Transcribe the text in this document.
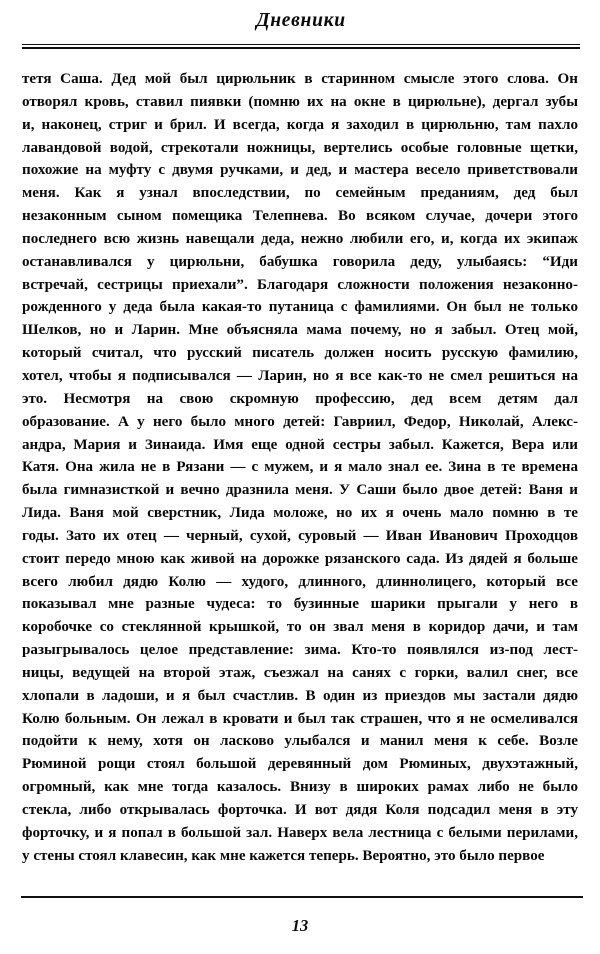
Дневники
тетя Саша. Дед мой был цирюльник в старинном смысле этого слова. Он
отворял кровь, ставил пиявки (помню их на окне в цирюльне), дергал зубы
и, наконец, стриг и брил. И всегда, когда я заходил в цирюльню, там пахло
лавандовой водой, стрекотали ножницы, вертелись особые головные щетки,
похожие на муфту с двумя ручками, и дед, и мастера весело приветствовали
меня. Как я узнал впоследствии, по семейным преданиям, дед был
незаконным сыном помещика Телепнева. Во всяком случае, дочери этого
последнего всю жизнь навещали деда, нежно любили его, и, когда их экипаж
останавливался у цирюльни, бабушка говорила деду, улыбаясь: “Иди
встречай, сестрицы приехали”. Благодаря сложности положения незаконно-
рожденного у деда была какая-то путаница с фамилиями. Он был не только
Шелков, но и Ларин. Мне объясняла мама почему, но я забыл. Отец мой,
который считал, что русский писатель должен носить русскую фамилию,
хотел, чтобы я подписывался — Ларин, но я все как-то не смел решиться на
это. Несмотря на свою скромную профессию, дед всем детям дал
образование. А у него было много детей: Гавриил, Федор, Николай, Алекс-
андра, Мария и Зинаида. Имя еще одной сестры забыл. Кажется, Вера или
Катя. Она жила не в Рязани — с мужем, и я мало знал ее. Зина в те времена
была гимназисткой и вечно дразнила меня. У Саши было двое детей: Ваня и
Лида. Ваня мой сверстник, Лида моложе, но их я очень мало помню в те
годы. Зато их отец — черный, сухой, суровый — Иван Иванович Проходцов
стоит передо мною как живой на дорожке рязанского сада. Из дядей я больше
всего любил дядю Колю — худого, длинного, длиннолицего, который все
показывал мне разные чудеса: то бузинные шарики прыгали у него в
коробочке со стеклянной крышкой, то он звал меня в коридор дачи, и там
разыгрывалось целое представление: зима. Кто-то появлялся из-под лест-
ницы, ведущей на второй этаж, съезжал на санях с горки, валил снег, все
хлопали в ладоши, и я был счастлив. В один из приездов мы застали дядю
Колю больным. Он лежал в кровати и был так страшен, что я не осмеливался
подойти к нему, хотя он ласково улыбался и манил меня к себе. Возле
Рюминой рощи стоял большой деревянный дом Рюминых, двухэтажный,
огромный, как мне тогда казалось. Внизу в широких рамах либо не было
стекла, либо открывалась форточка. И вот дядя Коля подсадил меня в эту
форточку, и я попал в большой зал. Наверх вела лестница с белыми перилами,
у стены стоял клавесин, как мне кажется теперь. Вероятно, это было первое
13
